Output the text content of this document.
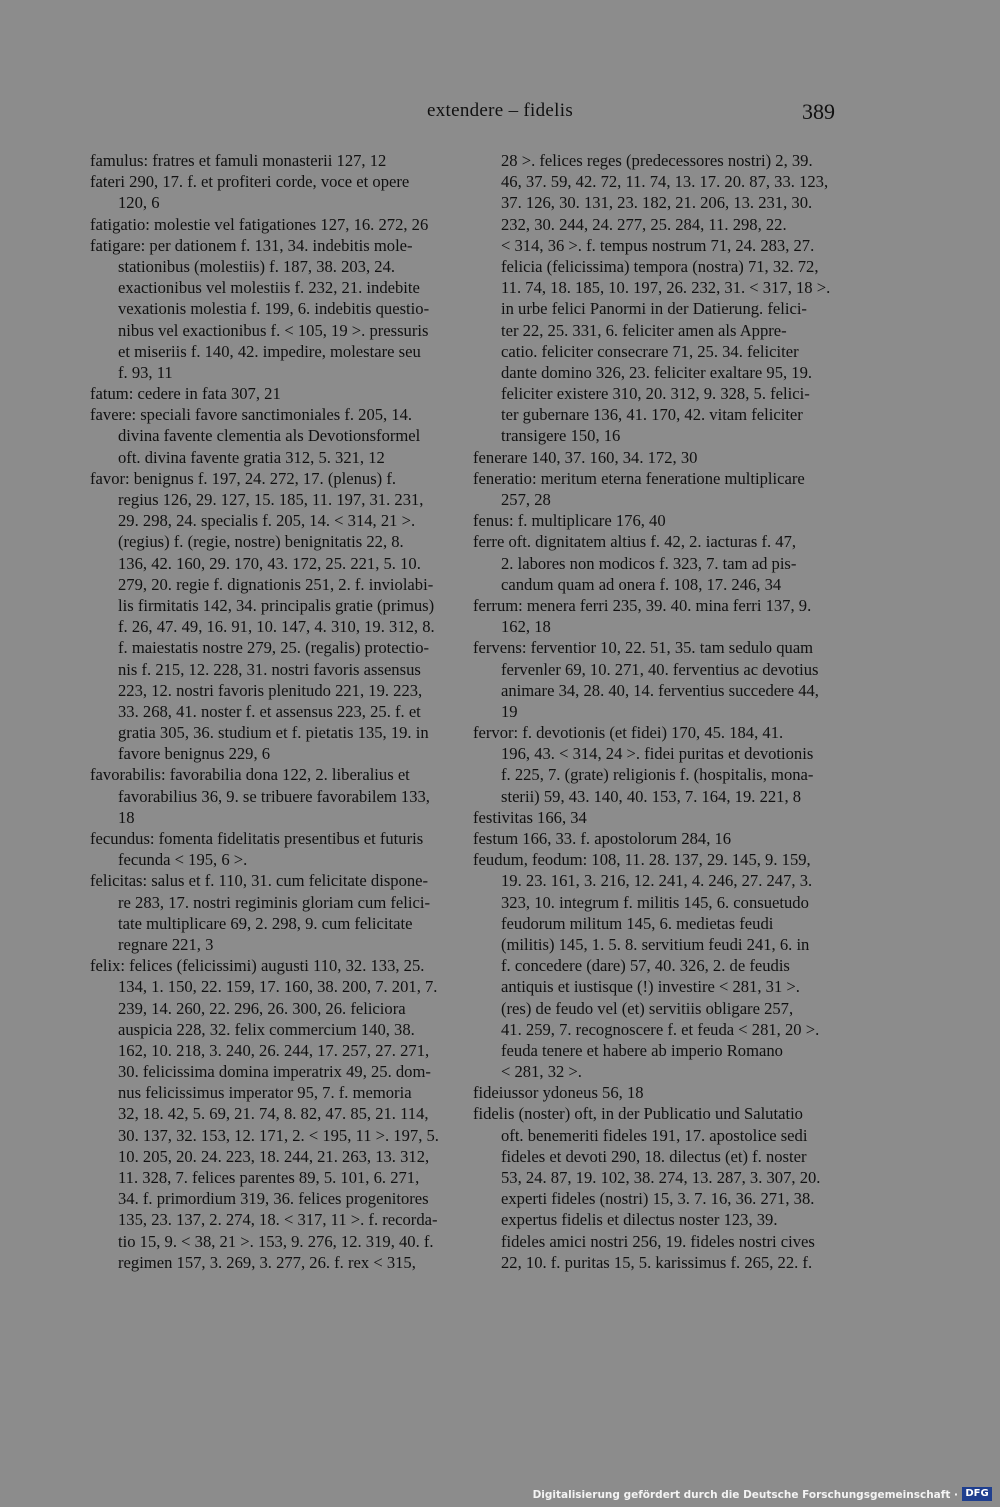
extendere – fidelis	389
famulus: fratres et famuli monasterii 127, 12
fateri 290, 17. f. et profiteri corde, voce et opere
120, 6
fatigatio: molestie vel fatigationes 127, 16. 272, 26
fatigare: per dationem f. 131, 34. indebitis mole-
stationibus (molestiis) f. 187, 38. 203, 24.
exactionibus vel molestiis f. 232, 21. indebite
vexationis molestia f. 199, 6. indebitis questio-
nibus vel exactionibus f. < 105, 19 >. pressuris
et miseriis f. 140, 42. impedire, molestare seu
f. 93, 11
fatum: cedere in fata 307, 21
favere: speciali favore sanctimoniales f. 205, 14.
divina favente clementia als Devotionsformel
oft. divina favente gratia 312, 5. 321, 12
favor: benignus f. 197, 24. 272, 17. (plenus) f.
regius 126, 29. 127, 15. 185, 11. 197, 31. 231,
29. 298, 24. specialis f. 205, 14. < 314, 21 >.
(regius) f. (regie, nostre) benignitatis 22, 8.
136, 42. 160, 29. 170, 43. 172, 25. 221, 5. 10.
279, 20. regie f. dignationis 251, 2. f. inviolabi-
lis firmitatis 142, 34. principalis gratie (primus)
f. 26, 47. 49, 16. 91, 10. 147, 4. 310, 19. 312, 8.
f. maiestatis nostre 279, 25. (regalis) protectio-
nis f. 215, 12. 228, 31. nostri favoris assensus
223, 12. nostri favoris plenitudo 221, 19. 223,
33. 268, 41. noster f. et assensus 223, 25. f. et
gratia 305, 36. studium et f. pietatis 135, 19. in
favore benignus 229, 6
favorabilis: favorabilia dona 122, 2. liberalius et
favorabilius 36, 9. se tribuere favorabilem 133,
18
fecundus: fomenta fidelitatis presentibus et futuris
fecunda < 195, 6 >.
felicitas: salus et f. 110, 31. cum felicitate dispone-
re 283, 17. nostri regiminis gloriam cum felici-
tate multiplicare 69, 2. 298, 9. cum felicitate
regnare 221, 3
felix: felices (felicissimi) augusti 110, 32. 133, 25.
134, 1. 150, 22. 159, 17. 160, 38. 200, 7. 201, 7.
239, 14. 260, 22. 296, 26. 300, 26. feliciora
auspicia 228, 32. felix commercium 140, 38.
162, 10. 218, 3. 240, 26. 244, 17. 257, 27. 271,
30. felicissima domina imperatrix 49, 25. dom-
nus felicissimus imperator 95, 7. f. memoria
32, 18. 42, 5. 69, 21. 74, 8. 82, 47. 85, 21. 114,
30. 137, 32. 153, 12. 171, 2. < 195, 11 >. 197, 5.
10. 205, 20. 24. 223, 18. 244, 21. 263, 13. 312,
11. 328, 7. felices parentes 89, 5. 101, 6. 271,
34. f. primordium 319, 36. felices progenitores
135, 23. 137, 2. 274, 18. < 317, 11 >. f. recorda-
tio 15, 9. < 38, 21 >. 153, 9. 276, 12. 319, 40. f.
regimen 157, 3. 269, 3. 277, 26. f. rex < 315,
28 >. felices reges (predecessores nostri) 2, 39.
46, 37. 59, 42. 72, 11. 74, 13. 17. 20. 87, 33. 123,
37. 126, 30. 131, 23. 182, 21. 206, 13. 231, 30.
232, 30. 244, 24. 277, 25. 284, 11. 298, 22.
< 314, 36 >. f. tempus nostrum 71, 24. 283, 27.
felicia (felicissima) tempora (nostra) 71, 32. 72,
11. 74, 18. 185, 10. 197, 26. 232, 31. < 317, 18 >.
in urbe felici Panormi in der Datierung. felici-
ter 22, 25. 331, 6. feliciter amen als Appre-
catio. feliciter consecrare 71, 25. 34. feliciter
dante domino 326, 23. feliciter exaltare 95, 19.
feliciter existere 310, 20. 312, 9. 328, 5. felici-
ter gubernare 136, 41. 170, 42. vitam feliciter
transigere 150, 16
fenerare 140, 37. 160, 34. 172, 30
feneratio: meritum eterna feneratione multiplicare
257, 28
fenus: f. multiplicare 176, 40
ferre oft. dignitatem altius f. 42, 2. iacturas f. 47,
2. labores non modicos f. 323, 7. tam ad pis-
candum quam ad onera f. 108, 17. 246, 34
ferrum: menera ferri 235, 39. 40. mina ferri 137, 9.
162, 18
fervens: ferventior 10, 22. 51, 35. tam sedulo quam
fervenler 69, 10. 271, 40. ferventius ac devotius
animare 34, 28. 40, 14. ferventius succedere 44,
19
fervor: f. devotionis (et fidei) 170, 45. 184, 41.
196, 43. < 314, 24 >. fidei puritas et devotionis
f. 225, 7. (grate) religionis f. (hospitalis, mona-
sterii) 59, 43. 140, 40. 153, 7. 164, 19. 221, 8
festivitas 166, 34
festum 166, 33. f. apostolorum 284, 16
feudum, feodum: 108, 11. 28. 137, 29. 145, 9. 159,
19. 23. 161, 3. 216, 12. 241, 4. 246, 27. 247, 3.
323, 10. integrum f. militis 145, 6. consuetudo
feudorum militum 145, 6. medietas feudi
(militis) 145, 1. 5. 8. servitium feudi 241, 6. in
f. concedere (dare) 57, 40. 326, 2. de feudis
antiquis et iustisque (!) investire < 281, 31 >.
(res) de feudo vel (et) servitiis obligare 257,
41. 259, 7. recognoscere f. et feuda < 281, 20 >.
feuda tenere et habere ab imperio Romano
< 281, 32 >.
fideiussor ydoneus 56, 18
fidelis (noster) oft, in der Publicatio und Salutatio
oft. benemeriti fideles 191, 17. apostolice sedi
fideles et devoti 290, 18. dilectus (et) f. noster
53, 24. 87, 19. 102, 38. 274, 13. 287, 3. 307, 20.
experti fideles (nostri) 15, 3. 7. 16, 36. 271, 38.
expertus fidelis et dilectus noster 123, 39.
fideles amici nostri 256, 19. fideles nostri cives
22, 10. f. puritas 15, 5. karissimus f. 265, 22. f.
Digitalisierung gefördert durch die Deutsche Forschungsgemeinschaft · DFG
